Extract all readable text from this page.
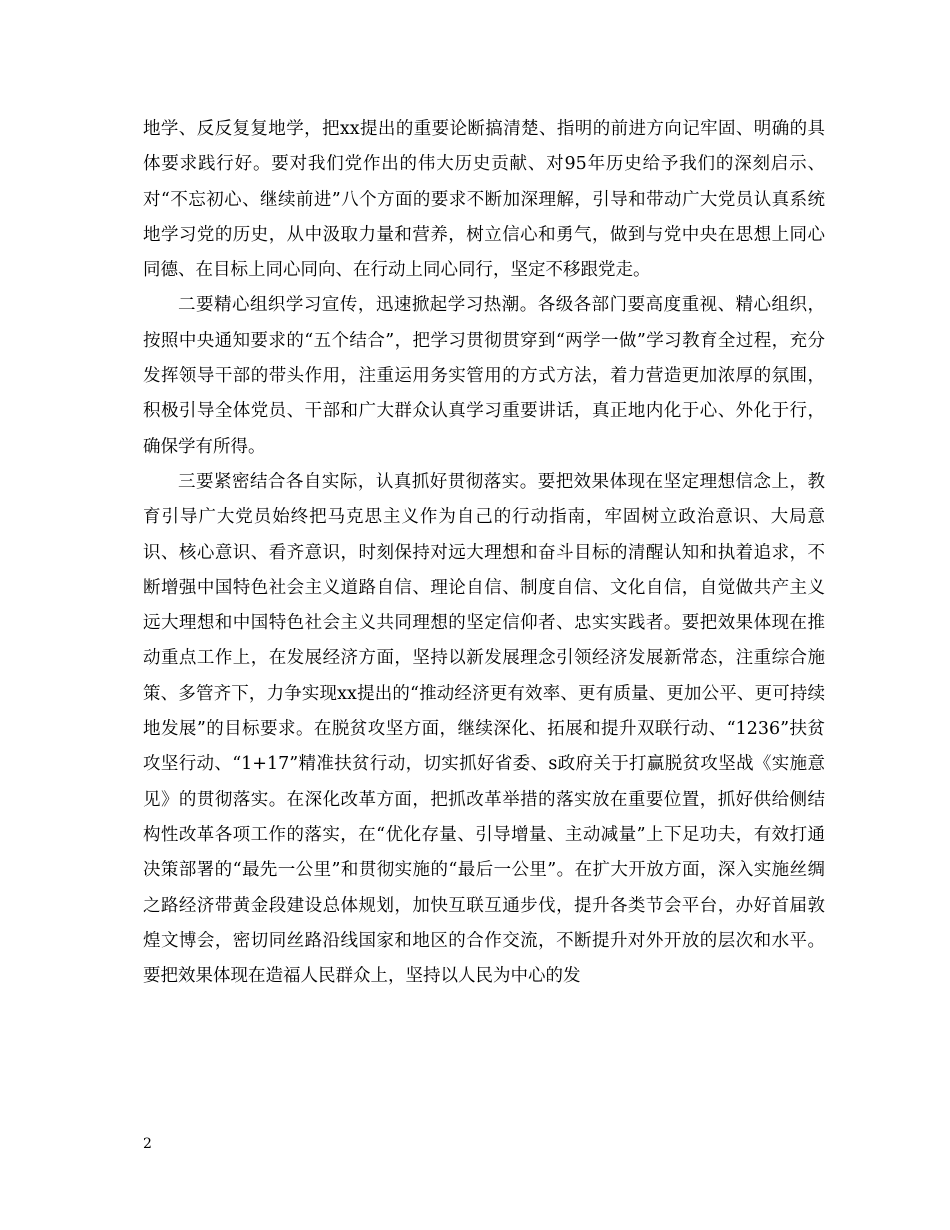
地学、反反复复地学，把xx提出的重要论断搞清楚、指明的前进方向记牢固、明确的具体要求践行好。要对我们党作出的伟大历史贡献、对95年历史给予我们的深刻启示、对“不忘初心、继续前进”八个方面的要求不断加深理解，引导和带动广大党员认真系统地学习党的历史，从中汲取力量和营养，树立信心和勇气，做到与党中央在思想上同心同德、在目标上同心同向、在行动上同心同行，坚定不移跟党走。

二要精心组织学习宣传，迅速掀起学习热潮。各级各部门要高度重视、精心组织，按照中央通知要求的“五个结合”，把学习贯彻贯穿到“两学一做”学习教育全过程，充分发挥领导干部的带头作用，注重运用务实管用的方式方法，着力营造更加浓厚的氛围，积极引导全体党员、干部和广大群众认真学习重要讲话，真正地内化于心、外化于行，确保学有所得。

三要紧密结合各自实际，认真抓好贯彻落实。要把效果体现在坚定理想信念上，教育引导广大党员始终把马克思主义作为自己的行动指南，牢固树立政治意识、大局意识、核心意识、看齐意识，时刻保持对远大理想和奋斗目标的清醒认知和执着追求，不断增强中国特色社会主义道路自信、理论自信、制度自信、文化自信，自觉做共产主义远大理想和中国特色社会主义共同理想的坚定信仰者、忠实实践者。要把效果体现在推动重点工作上，在发展经济方面，坚持以新发展理念引领经济发展新常态，注重综合施策、多管齐下，力争实现xx提出的“推动经济更有效率、更有质量、更加公平、更可持续地发展”的目标要求。在脱贫攻坚方面，继续深化、拓展和提升双联行动、“1236”扶贫攻坚行动、“1+17”精准扶贫行动，切实抓好省委、s政府关于打赢脱贫攻坚战《实施意见》的贯彻落实。在深化改革方面，把抓改革举措的落实放在重要位置，抓好供给侧结构性改革各项工作的落实，在“优化存量、引导增量、主动减量”上下足功夫，有效打通决策部署的“最先一公里”和贯彻实施的“最后一公里”。在扩大开放方面，深入实施丝绸之路经济带黄金段建设总体规划，加快互联互通步伐，提升各类节会平台，办好首届敦煌文博会，密切同丝路沿线国家和地区的合作交流，不断提升对外开放的层次和水平。要把效果体现在造福人民群众上，坚持以人民为中心的发

2
